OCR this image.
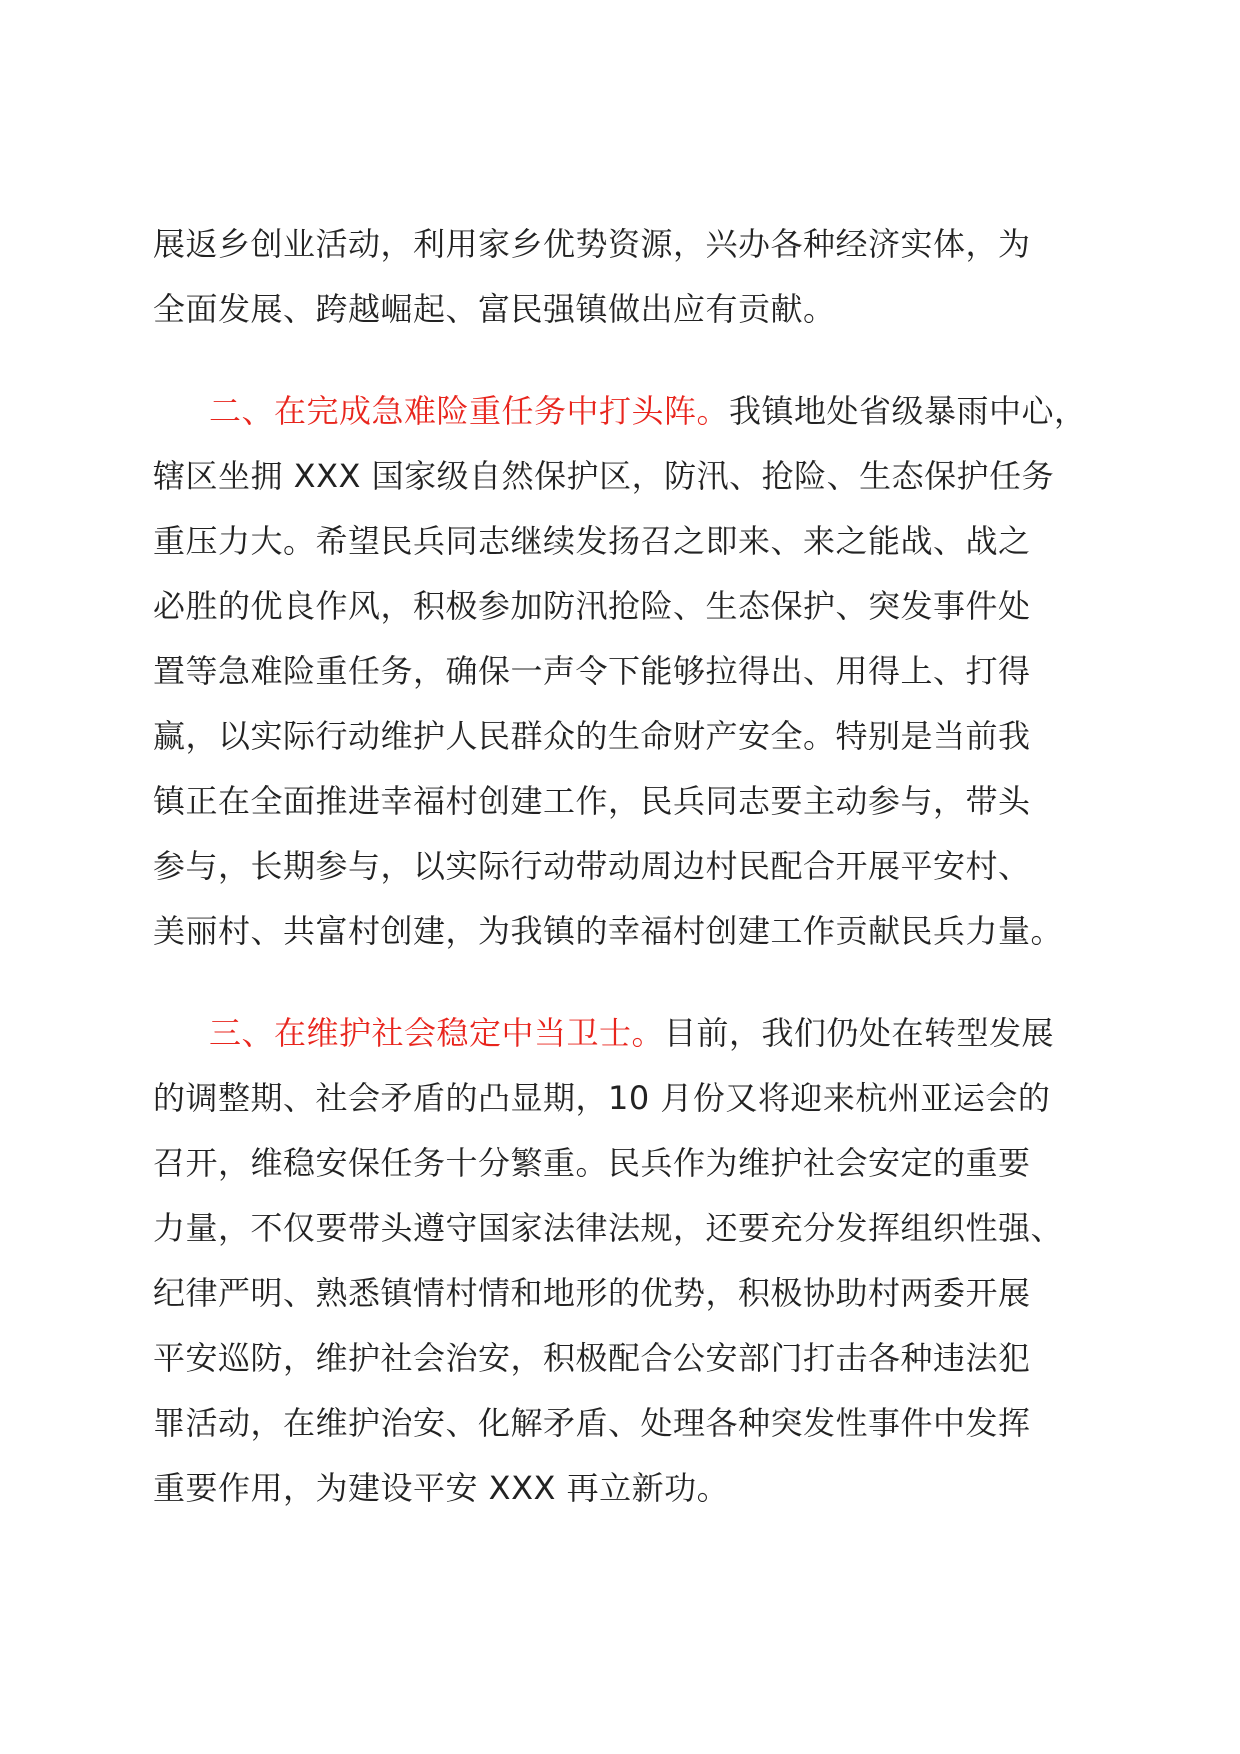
展返乡创业活动，利用家乡优势资源，兴办各种经济实体，为
全面发展、跨越崛起、富民强镇做出应有贡献。
二、在完成急难险重任务中打头阵。我镇地处省级暴雨中心，
辖区坐拥 XXX 国家级自然保护区，防汛、抢险、生态保护任务
重压力大。希望民兵同志继续发扬召之即来、来之能战、战之
必胜的优良作风，积极参加防汛抢险、生态保护、突发事件处
置等急难险重任务，确保一声令下能够拉得出、用得上、打得
赢，以实际行动维护人民群众的生命财产安全。特别是当前我
镇正在全面推进幸福村创建工作，民兵同志要主动参与，带头
参与，长期参与，以实际行动带动周边村民配合开展平安村、
美丽村、共富村创建，为我镇的幸福村创建工作贡献民兵力量。
三、在维护社会稳定中当卫士。目前，我们仍处在转型发展
的调整期、社会矛盾的凸显期，10 月份又将迎来杭州亚运会的
召开，维稳安保任务十分繁重。民兵作为维护社会安定的重要
力量，不仅要带头遵守国家法律法规，还要充分发挥组织性强、
纪律严明、熟悉镇情村情和地形的优势，积极协助村两委开展
平安巡防，维护社会治安，积极配合公安部门打击各种违法犯
罪活动，在维护治安、化解矛盾、处理各种突发性事件中发挥
重要作用，为建设平安 XXX 再立新功。
